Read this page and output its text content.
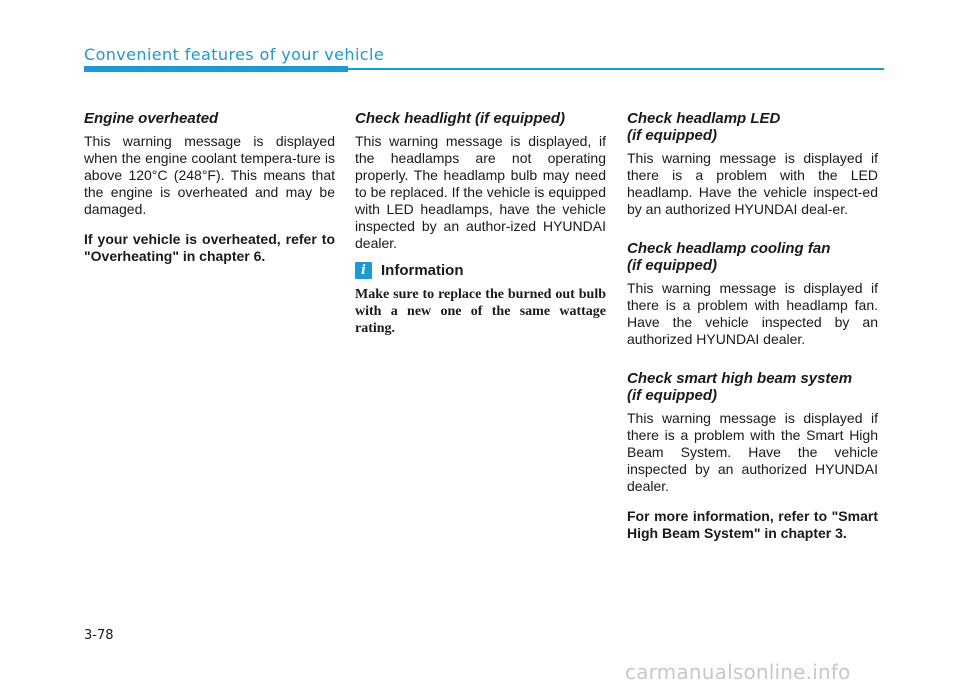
Convenient features of your vehicle
Engine overheated

This warning message is displayed when the engine coolant tempera-ture is above 120°C (248°F). This means that the engine is overheated and may be damaged.

If your vehicle is overheated, refer to "Overheating" in chapter 6.

Check headlight (if equipped)

This warning message is displayed, if the headlamps are not operating properly. The headlamp bulb may need to be replaced. If the vehicle is equipped with LED headlamps, have the vehicle inspected by an author-ized HYUNDAI dealer.

i	Information
Make sure to replace the burned out bulb with a new one of the same wattage rating.
Check headlamp LED
(if equipped)

This warning message is displayed if there is a problem with the LED headlamp. Have the vehicle inspect-ed by an authorized HYUNDAI deal-er.

Check headlamp cooling fan
(if equipped)

This warning message is displayed if there is a problem with headlamp fan. Have the vehicle inspected by an authorized HYUNDAI dealer.

Check smart high beam system
(if equipped)

This warning message is displayed if there is a problem with the Smart High Beam System. Have the vehicle inspected by an authorized HYUNDAI dealer.

For more information, refer to "Smart High Beam System" in chapter 3.

3-78
carmanualsonline.info
